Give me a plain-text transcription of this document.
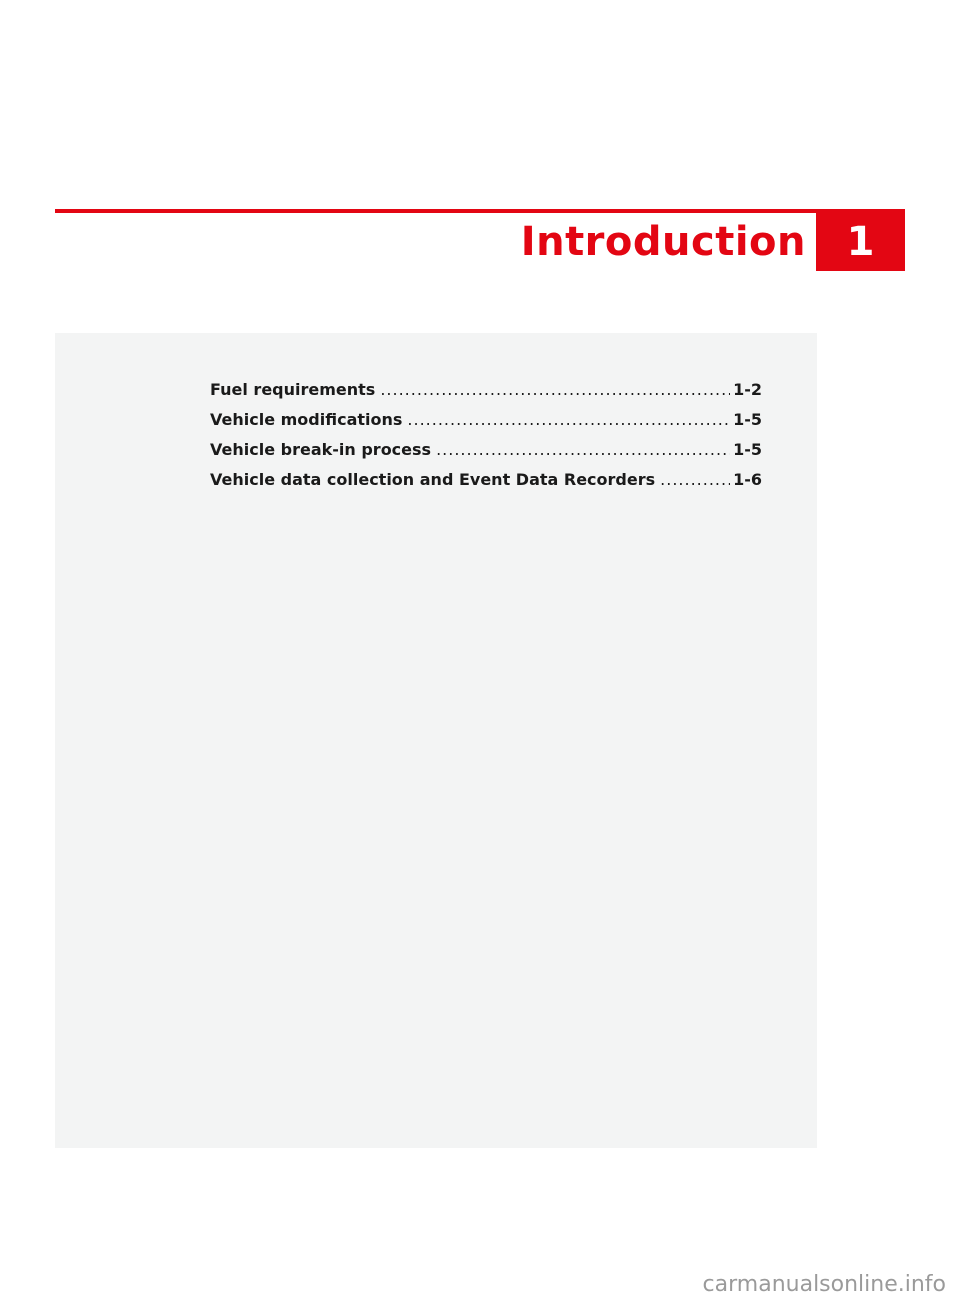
Introduction	1
Fuel requirements .....	1-2
Vehicle modifications .....	1-5
Vehicle break-in process .....	1-5
Vehicle data collection and Event Data Recorders .....	1-6
carmanualsonline.info
